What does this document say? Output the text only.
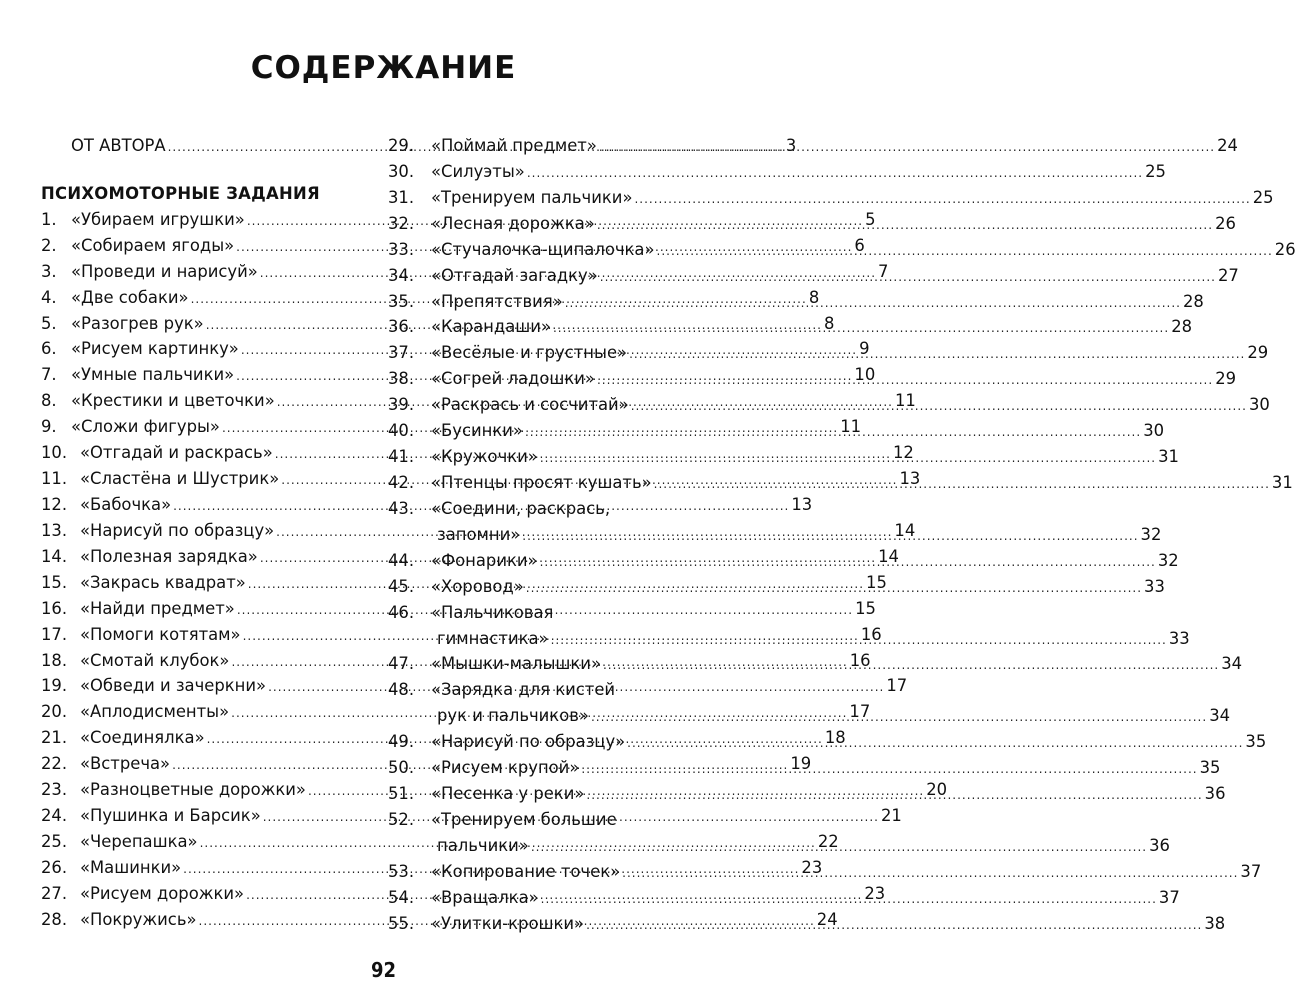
СОДЕРЖАНИЕ
ОТ АВТОРА .....	3
ПСИХОМОТОРНЫЕ ЗАДАНИЯ
1. «Убираем игрушки» .....	5
2. «Собираем ягоды» .....	6
3. «Проведи и нарисуй» .....	7
4. «Две собаки» .....	8
5. «Разогрев рук» .....	8
6. «Рисуем картинку» .....	9
7. «Умные пальчики» .....	10
8. «Крестики и цветочки» .....	11
9. «Сложи фигуры» .....	11
10. «Отгадай и раскрась» .....	12
11. «Сластёна и Шустрик» .....	13
12. «Бабочка» .....	13
13. «Нарисуй по образцу» .....	14
14. «Полезная зарядка» .....	14
15. «Закрась квадрат» .....	15
16. «Найди предмет» .....	15
17. «Помоги котятам» .....	16
18. «Смотай клубок» .....	16
19. «Обведи и зачеркни» .....	17
20. «Аплодисменты» .....	17
21. «Соединялка» .....	18
22. «Встреча» .....	19
23. «Разноцветные дорожки» .....	20
24. «Пушинка и Барсик» .....	21
25. «Черепашка» .....	22
26. «Машинки» .....	23
27. «Рисуем дорожки» .....	23
28. «Покружись» .....	24
29.	«Поймай предмет» .....	24
30.	«Силуэты» .....	25
31.	«Тренируем пальчики» .....	25
32.	«Лесная дорожка» .....	26
33.	«Стучалочка-щипалочка» .....	26
34.	«Отгадай загадку» .....	27
35.	«Препятствия» .....	28
36.	«Карандаши» .....	28
37.	«Весёлые и грустные» .....	29
38.	«Согрей ладошки» .....	29
39.	«Раскрась и сосчитай» .....	30
40.	«Бусинки» .....	30
41.	«Кружочки» .....	31
42.	«Птенцы просят кушать» .....	31
43.	«Соедини, раскрась,
запомни» .....	32
44.	«Фонарики» .....	32
45.	«Хоровод» .....	33
46.	«Пальчиковая
гимнастика» .....	33
47.	«Мышки-малышки» .....	34
48.	«Зарядка для кистей
рук и пальчиков» .....	34
49.	«Нарисуй по образцу» .....	35
50.	«Рисуем крупой» .....	35
51.	«Песенка у реки» .....	36
52.	«Тренируем большие
пальчики» .....	36
53.	«Копирование точек» .....	37
54.	«Вращалка» .....	37
55.	«Улитки-крошки» .....	38
92
